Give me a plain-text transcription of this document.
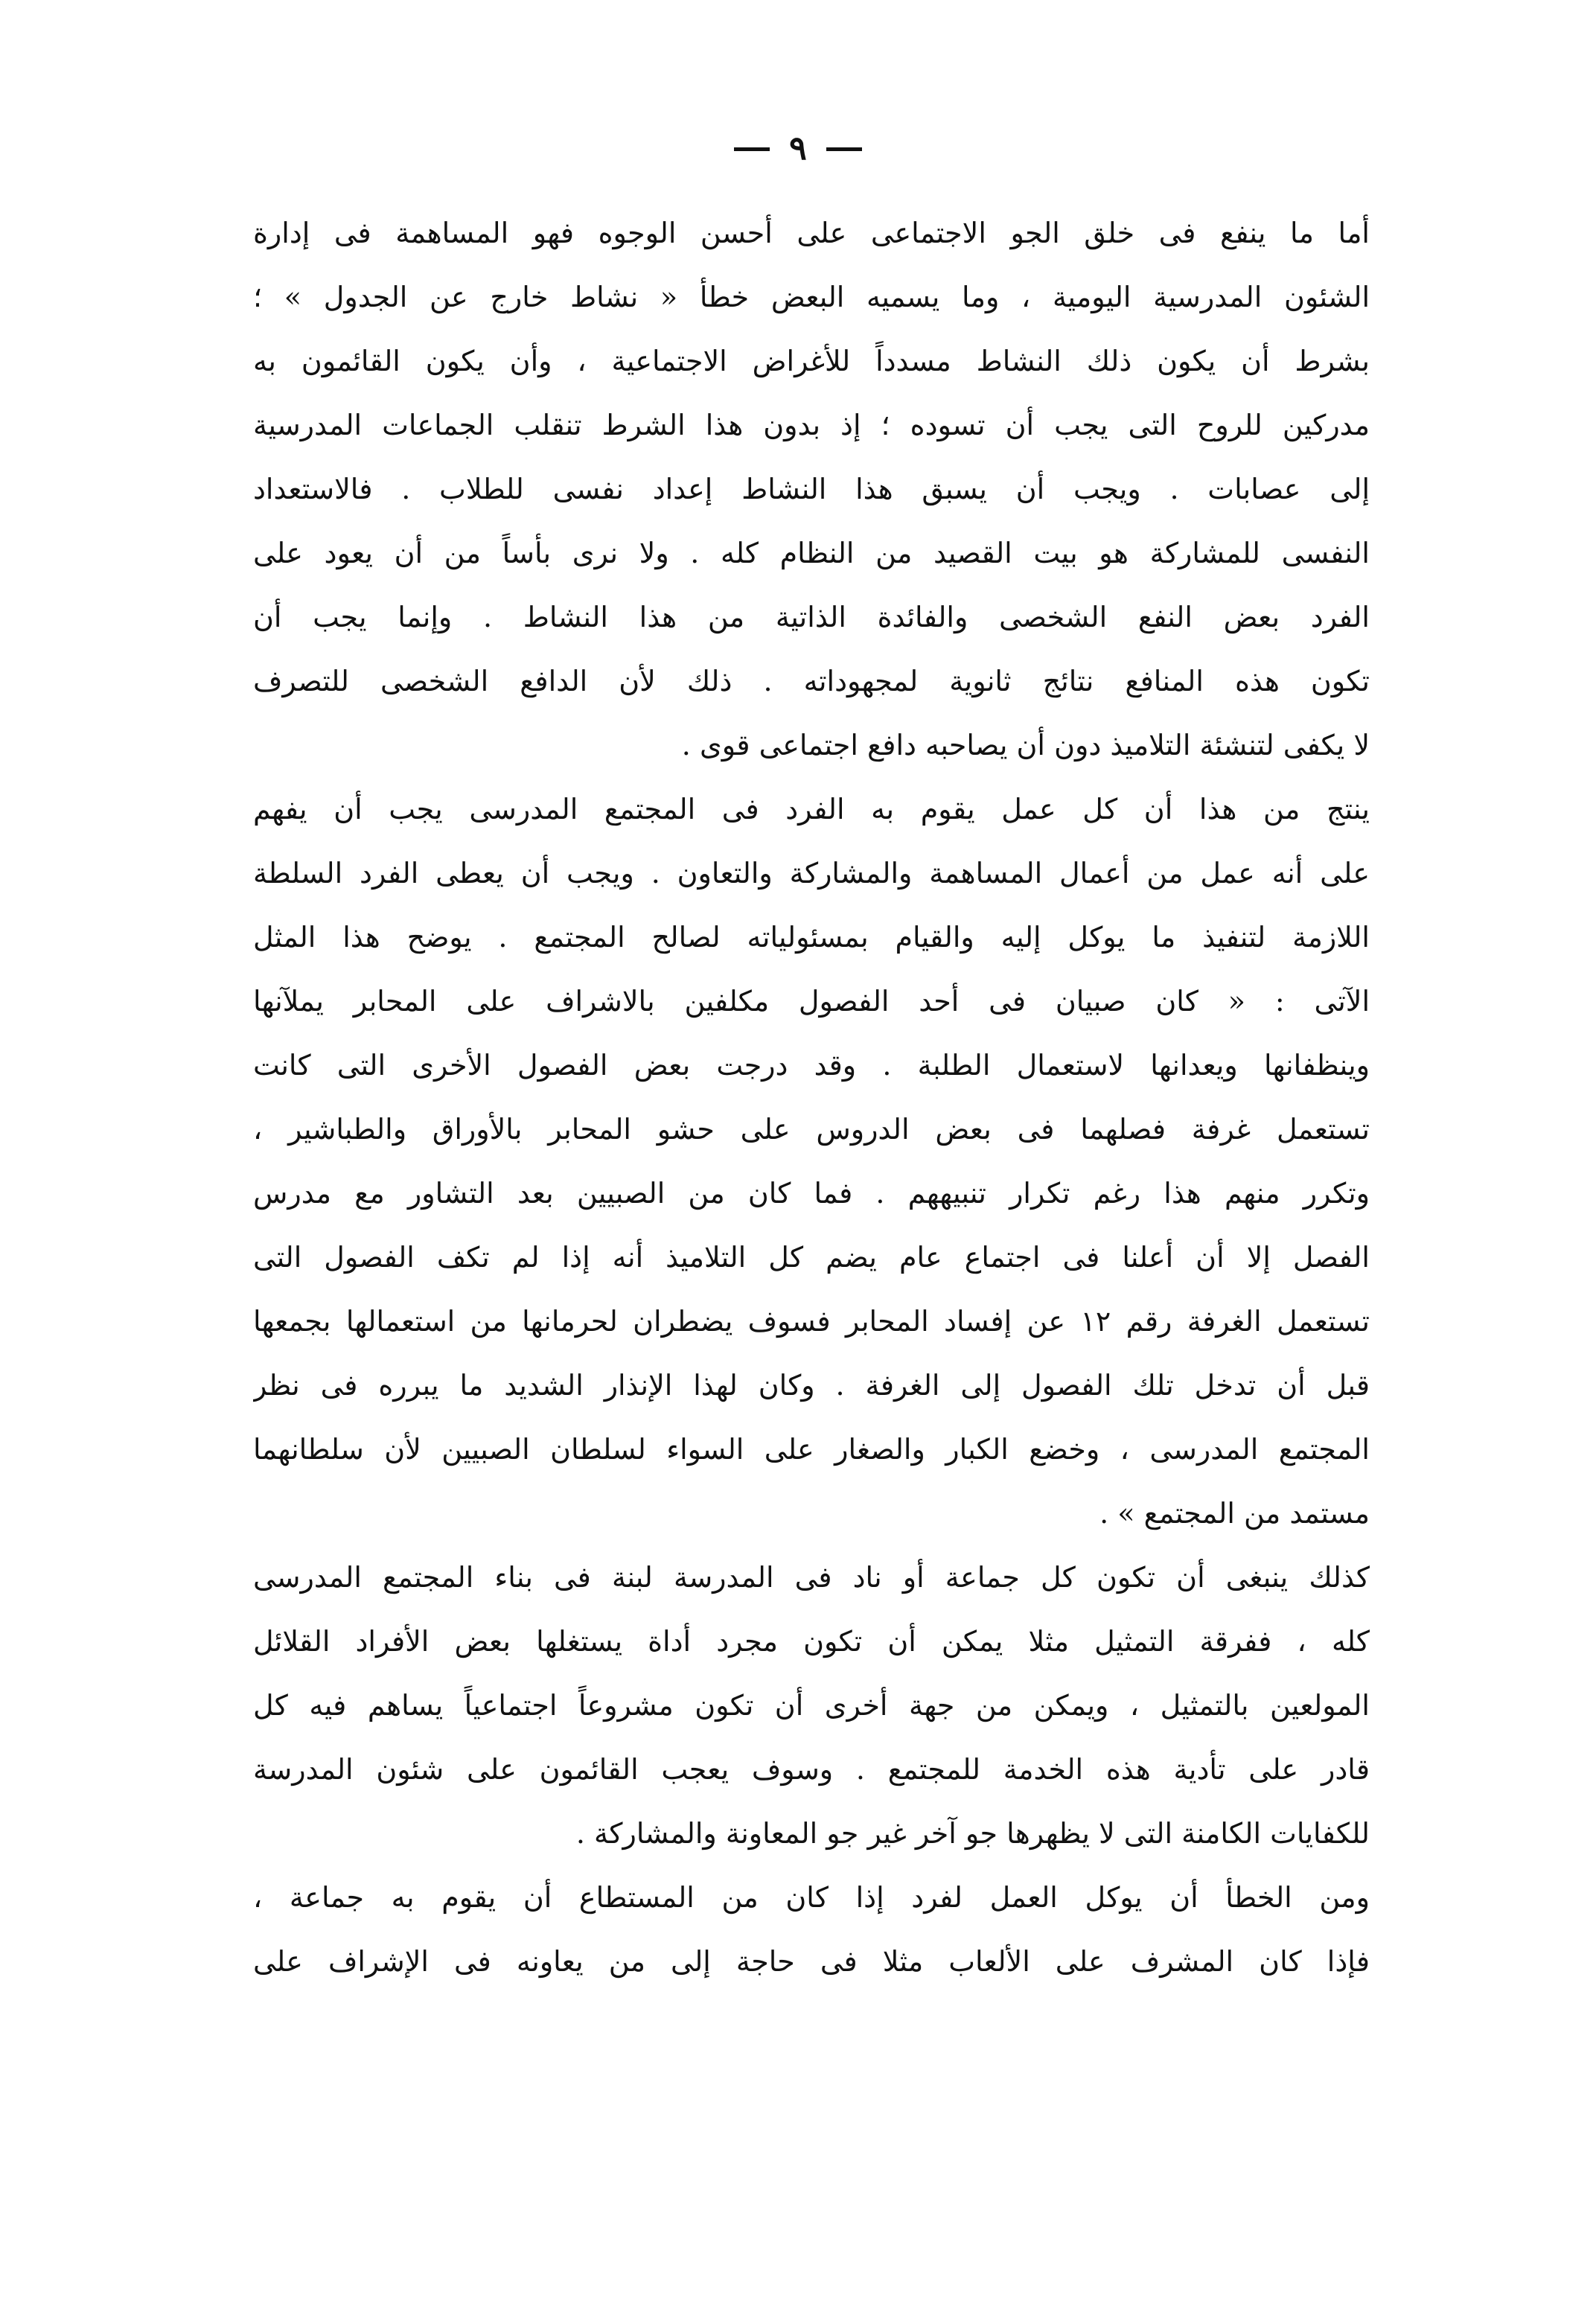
٩
أما ما ينفع فى خلق الجو الاجتماعى على أحسن الوجوه فهو المساهمة فى إدارة
الشئون المدرسية اليومية ، وما يسميه البعض خطأ « نشاط خارج عن الجدول » ؛
بشرط أن يكون ذلك النشاط مسدداً للأغراض الاجتماعية ، وأن يكون القائمون به
مدركين للروح التى يجب أن تسوده ؛ إذ بدون هذا الشرط تنقلب الجماعات المدرسية
إلى عصابات . ويجب أن يسبق هذا النشاط إعداد نفسى للطلاب . فالاستعداد
النفسى للمشاركة هو بيت القصيد من النظام كله . ولا نرى بأساً من أن يعود على
الفرد بعض النفع الشخصى والفائدة الذاتية من هذا النشاط . وإنما يجب أن
تكون هذه المنافع نتائج ثانوية لمجهوداته . ذلك لأن الدافع الشخصى للتصرف
لا يكفى لتنشئة التلاميذ دون أن يصاحبه دافع اجتماعى قوى .
ينتج من هذا أن كل عمل يقوم به الفرد فى المجتمع المدرسى يجب أن يفهم
على أنه عمل من أعمال المساهمة والمشاركة والتعاون . ويجب أن يعطى الفرد السلطة
اللازمة لتنفيذ ما يوكل إليه والقيام بمسئولياته لصالح المجتمع . يوضح هذا المثل
الآتى : « كان صبيان فى أحد الفصول مكلفين بالاشراف على المحابر يملآنها
وينظفانها ويعدانها لاستعمال الطلبة . وقد درجت بعض الفصول الأخرى التى كانت
تستعمل غرفة فصلهما فى بعض الدروس على حشو المحابر بالأوراق والطباشير ،
وتكرر منهم هذا رغم تكرار تنبيههم . فما كان من الصبيين بعد التشاور مع مدرس
الفصل إلا أن أعلنا فى اجتماع عام يضم كل التلاميذ أنه إذا لم تكف الفصول التى
تستعمل الغرفة رقم ١٢ عن إفساد المحابر فسوف يضطران لحرمانها من استعمالها بجمعها
قبل أن تدخل تلك الفصول إلى الغرفة . وكان لهذا الإنذار الشديد ما يبرره فى نظر
المجتمع المدرسى ، وخضع الكبار والصغار على السواء لسلطان الصبيين لأن سلطانهما
مستمد من المجتمع » .
كذلك ينبغى أن تكون كل جماعة أو ناد فى المدرسة لبنة فى بناء المجتمع المدرسى
كله ، ففرقة التمثيل مثلا يمكن أن تكون مجرد أداة يستغلها بعض الأفراد القلائل
المولعين بالتمثيل ، ويمكن من جهة أخرى أن تكون مشروعاً اجتماعياً يساهم فيه كل
قادر على تأدية هذه الخدمة للمجتمع . وسوف يعجب القائمون على شئون المدرسة
للكفايات الكامنة التى لا يظهرها جو آخر غير جو المعاونة والمشاركة .
ومن الخطأ أن يوكل العمل لفرد إذا كان من المستطاع أن يقوم به جماعة ،
فإذا كان المشرف على الألعاب مثلا فى حاجة إلى من يعاونه فى الإشراف على
